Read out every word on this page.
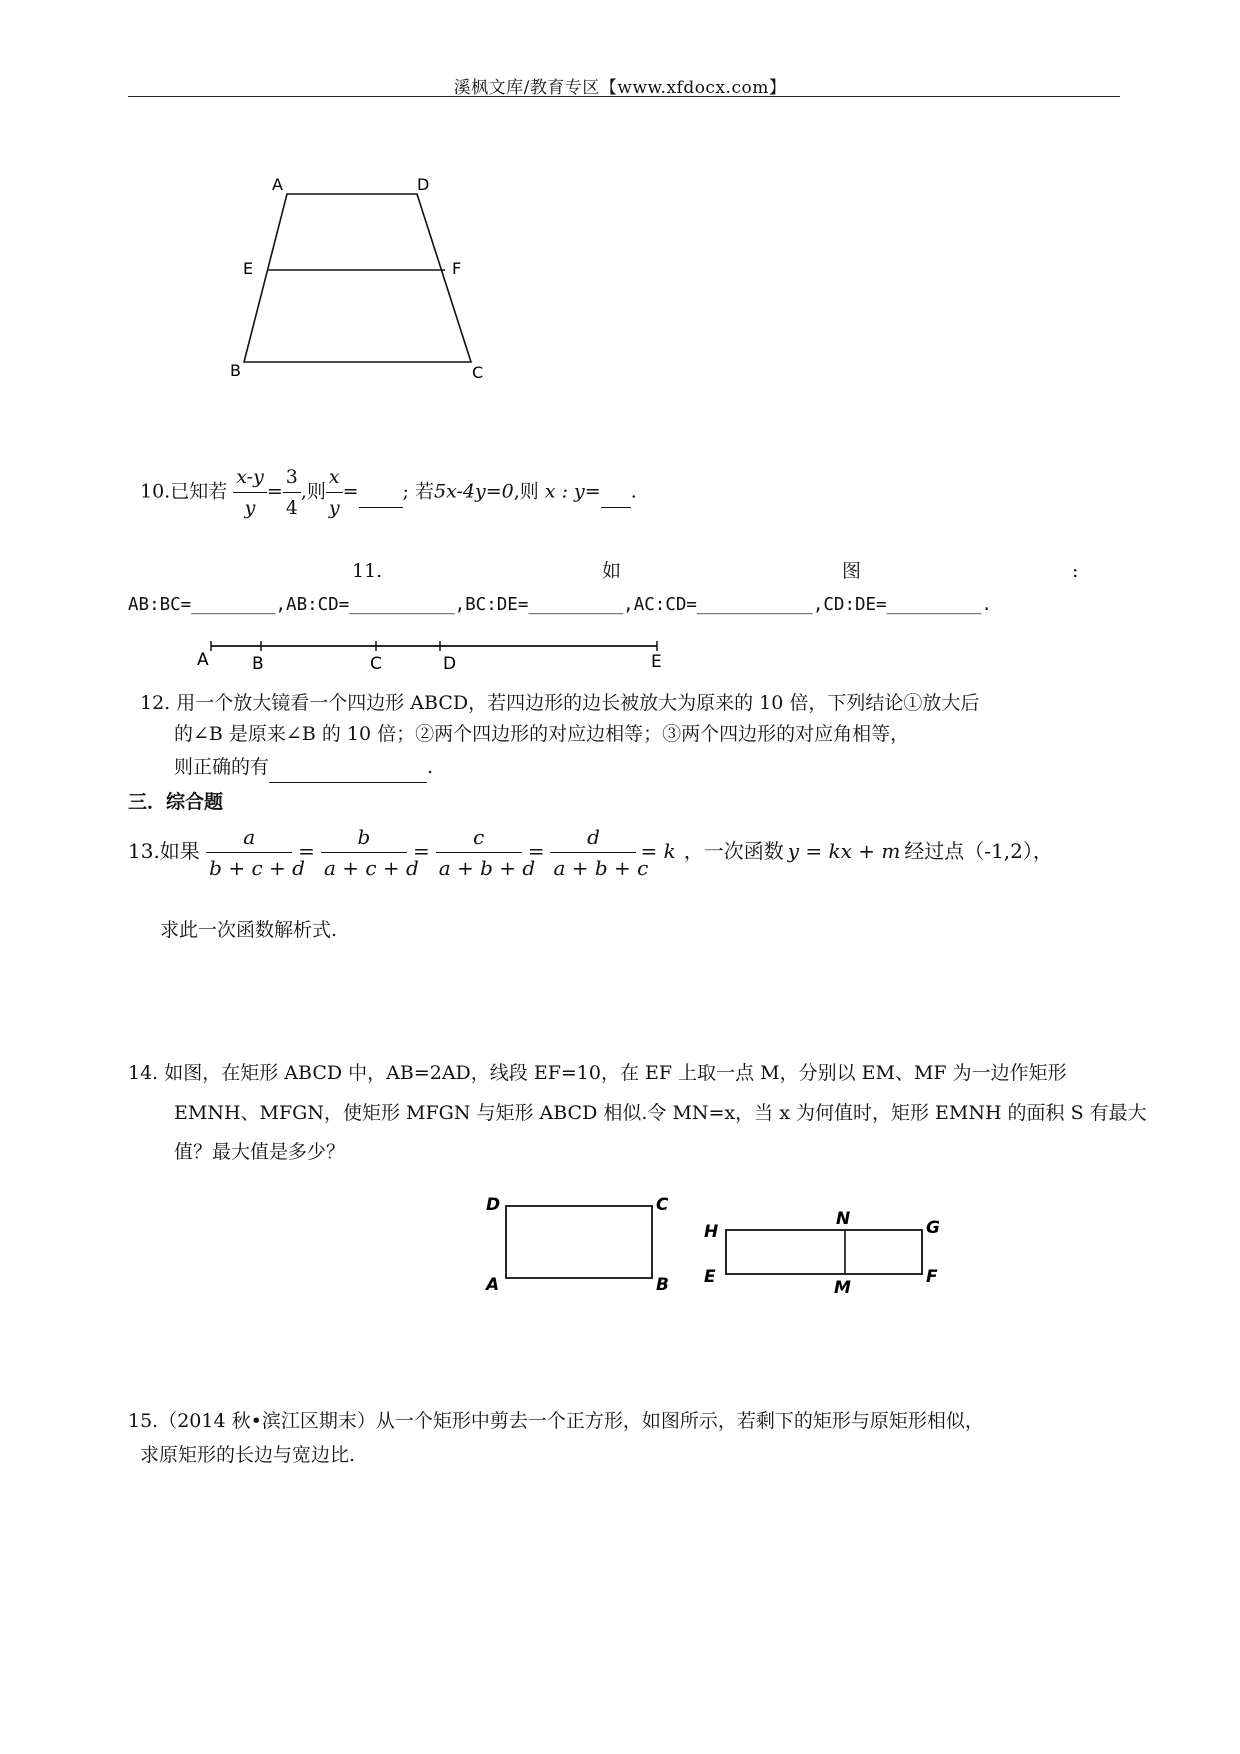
溪枫文库/教育专区【www.xfdocx.com】
A	D
E	F
B	C
10.已知若 $\frac{x-y}{y} = \frac{3}{4}$ ,则 $\frac{x}{y}$ = ; 若5x-4y=0,则 x : y= .
11.	如	图	:
AB:BC=________,AB:CD=__________,BC:DE=_________,AC:CD=___________,CD:DE=_________.
A	B	C	D	E
12. 用一个放大镜看一个四边形 ABCD，若四边形的边长被放大为原来的 10 倍，下列结论①放大后
的∠B 是原来∠B 的 10 倍；②两个四边形的对应边相等；③两个四边形的对应角相等，
则正确的有	.
三．综合题
13.如果 $\frac{a}{b + c + d} = \frac{b}{a + c + d} = \frac{c}{a + b + d} = \frac{d}{a + b + c} = k$ ，一次函数 y = kx + m 经过点（-1,2），
求此一次函数解析式.
14. 如图，在矩形 ABCD 中，AB=2AD，线段 EF=10，在 EF 上取一点 M，分别以 EM、MF 为一边作矩形
EMNH、MFGN，使矩形 MFGN 与矩形 ABCD 相似.令 MN=x，当 x 为何值时，矩形 EMNH 的面积 S 有最大
值？最大值是多少？
D	C
A	B
H
N	G
E
M
F
15.（2014 秋•滨江区期末）从一个矩形中剪去一个正方形，如图所示，若剩下的矩形与原矩形相似，
求原矩形的长边与宽边比.
